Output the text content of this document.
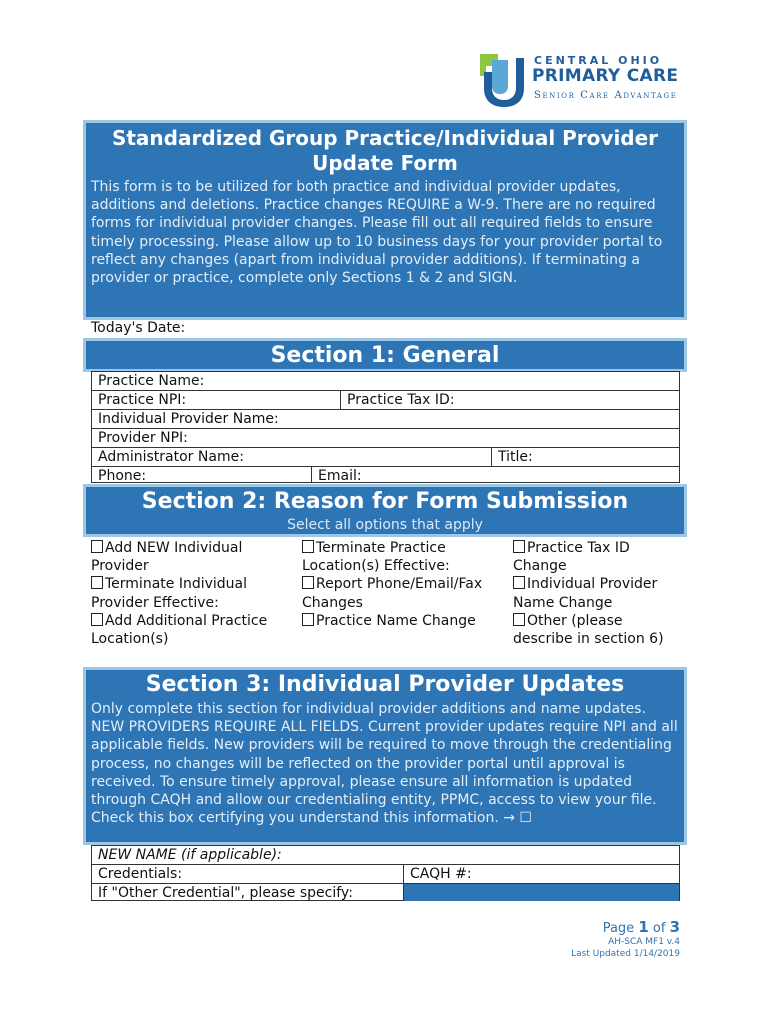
CENTRAL OHIO
PRIMARY CARE
Senior Care Advantage
Standardized Group Practice/Individual Provider
Update Form
This form is to be utilized for both practice and individual provider updates, additions and deletions. Practice changes REQUIRE a W-9. There are no required forms for individual provider changes. Please fill out all required fields to ensure timely processing. Please allow up to 10 business days for your provider portal to reflect any changes (apart from individual provider additions). If terminating a provider or practice, complete only Sections 1 & 2 and SIGN.
Today's Date:
Section 1: General
Practice Name:
Practice NPI:	Practice Tax ID:
Individual Provider Name:
Provider NPI:
Administrator Name:	Title:
Phone:	Email:
Section 2: Reason for Form Submission
Select all options that apply
Add NEW Individual Provider
Terminate Individual Provider Effective:
Add Additional Practice Location(s)
Terminate Practice Location(s) Effective:
Report Phone/Email/Fax Changes
Practice Name Change
Practice Tax ID Change
Individual Provider Name Change
Other (please describe in section 6)
Section 3: Individual Provider Updates
Only complete this section for individual provider additions and name updates. NEW PROVIDERS REQUIRE ALL FIELDS. Current provider updates require NPI and all applicable fields. New providers will be required to move through the credentialing process, no changes will be reflected on the provider portal until approval is received. To ensure timely approval, please ensure all information is updated through CAQH and allow our credentialing entity, PPMC, access to view your file. Check this box certifying you understand this information. → ☐
NEW NAME (if applicable):
Credentials:	CAQH #:
If "Other Credential", please specify:
Page 1 of 3
AH-SCA MF1 v.4
Last Updated 1/14/2019
